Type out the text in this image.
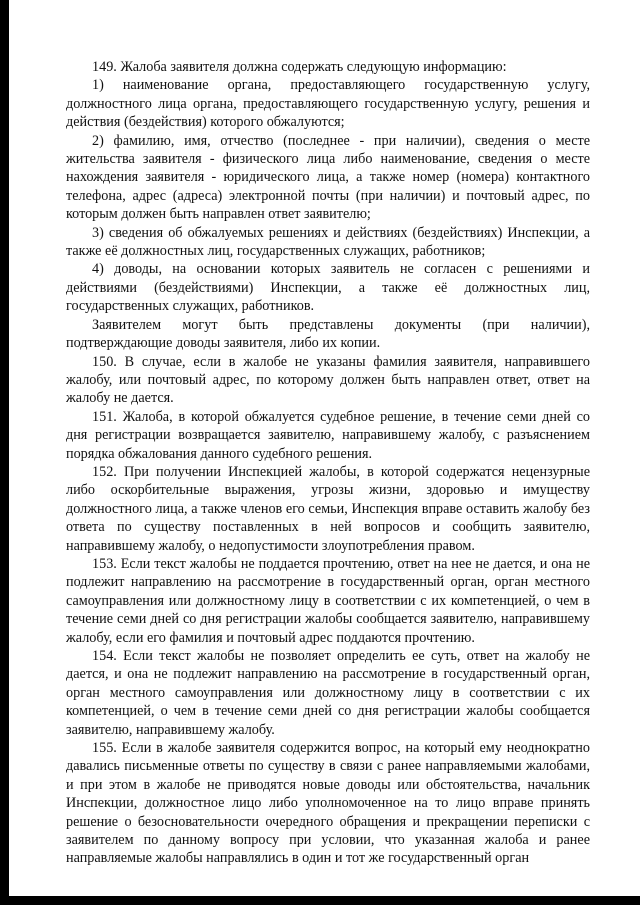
149. Жалоба заявителя должна содержать следующую информацию:

1) наименование органа, предоставляющего государственную услугу, должностного лица органа, предоставляющего государственную услугу, решения и действия (бездействия) которого обжалуются;

2) фамилию, имя, отчество (последнее - при наличии), сведения о месте жительства заявителя - физического лица либо наименование, сведения о месте нахождения заявителя - юридического лица, а также номер (номера) контактного телефона, адрес (адреса) электронной почты (при наличии) и почтовый адрес, по которым должен быть направлен ответ заявителю;

3) сведения об обжалуемых решениях и действиях (бездействиях) Инспекции, а также её должностных лиц, государственных служащих, работников;

4) доводы, на основании которых заявитель не согласен с решениями и действиями (бездействиями) Инспекции, а также её должностных лиц, государственных служащих, работников.

Заявителем могут быть представлены документы (при наличии), подтверждающие доводы заявителя, либо их копии.

150. В случае, если в жалобе не указаны фамилия заявителя, направившего жалобу, или почтовый адрес, по которому должен быть направлен ответ, ответ на жалобу не дается.

151. Жалоба, в которой обжалуется судебное решение, в течение семи дней со дня регистрации возвращается заявителю, направившему жалобу, с разъяснением порядка обжалования данного судебного решения.

152. При получении Инспекцией жалобы, в которой содержатся нецензурные либо оскорбительные выражения, угрозы жизни, здоровью и имуществу должностного лица, а также членов его семьи, Инспекция вправе оставить жалобу без ответа по существу поставленных в ней вопросов и сообщить заявителю, направившему жалобу, о недопустимости злоупотребления правом.

153. Если текст жалобы не поддается прочтению, ответ на нее не дается, и она не подлежит направлению на рассмотрение в государственный орган, орган местного самоуправления или должностному лицу в соответствии с их компетенцией, о чем в течение семи дней со дня регистрации жалобы сообщается заявителю, направившему жалобу, если его фамилия и почтовый адрес поддаются прочтению.

154. Если текст жалобы не позволяет определить ее суть, ответ на жалобу не дается, и она не подлежит направлению на рассмотрение в государственный орган, орган местного самоуправления или должностному лицу в соответствии с их компетенцией, о чем в течение семи дней со дня регистрации жалобы сообщается заявителю, направившему жалобу.

155. Если в жалобе заявителя содержится вопрос, на который ему неоднократно давались письменные ответы по существу в связи с ранее направляемыми жалобами, и при этом в жалобе не приводятся новые доводы или обстоятельства, начальник Инспекции, должностное лицо либо уполномоченное на то лицо вправе принять решение о безосновательности очередного обращения и прекращении переписки с заявителем по данному вопросу при условии, что указанная жалоба и ранее направляемые жалобы направлялись в один и тот же государственный орган
